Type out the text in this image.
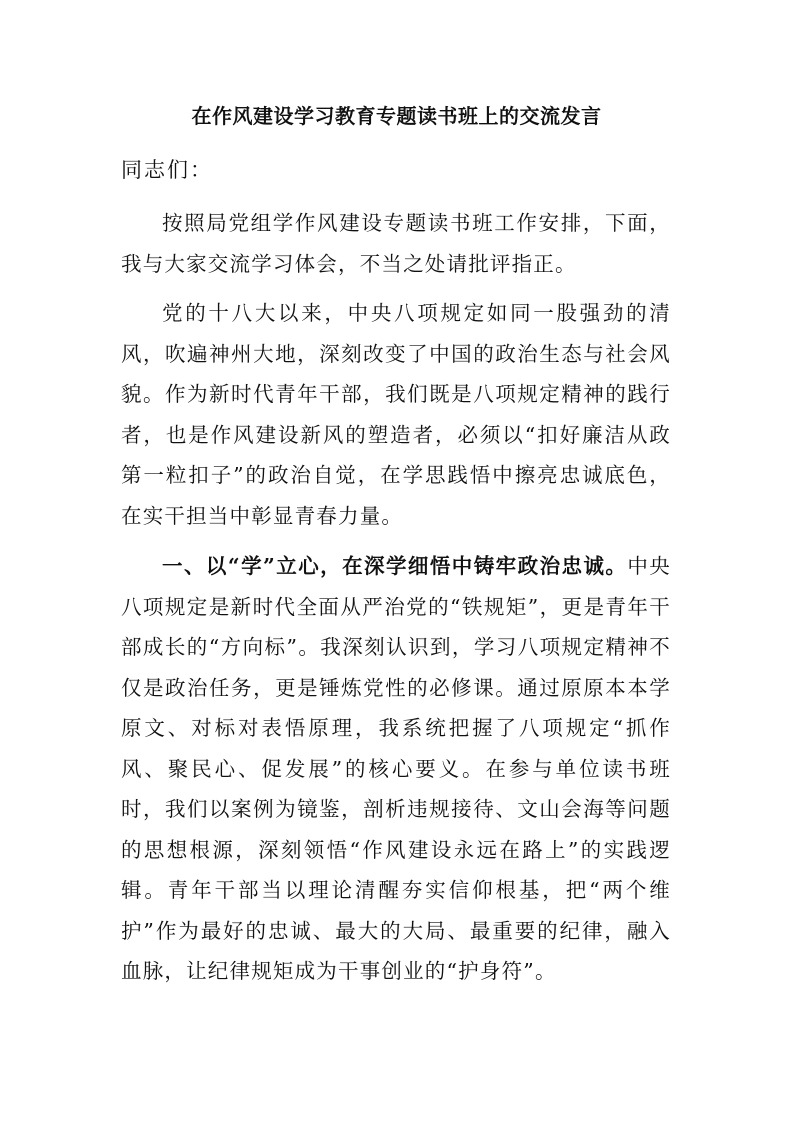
在作风建设学习教育专题读书班上的交流发言

同志们：

按照局党组学作风建设专题读书班工作安排，下面，我与大家交流学习体会，不当之处请批评指正。

党的十八大以来，中央八项规定如同一股强劲的清风，吹遍神州大地，深刻改变了中国的政治生态与社会风貌。作为新时代青年干部，我们既是八项规定精神的践行者，也是作风建设新风的塑造者，必须以“扣好廉洁从政第一粒扣子”的政治自觉，在学思践悟中擦亮忠诚底色，在实干担当中彰显青春力量。

一、以“学”立心，在深学细悟中铸牢政治忠诚。中央八项规定是新时代全面从严治党的“铁规矩”，更是青年干部成长的“方向标”。我深刻认识到，学习八项规定精神不仅是政治任务，更是锤炼党性的必修课。通过原原本本学原文、对标对表悟原理，我系统把握了八项规定“抓作风、聚民心、促发展”的核心要义。在参与单位读书班时，我们以案例为镜鉴，剖析违规接待、文山会海等问题的思想根源，深刻领悟“作风建设永远在路上”的实践逻辑。青年干部当以理论清醒夯实信仰根基，把“两个维护”作为最好的忠诚、最大的大局、最重要的纪律，融入血脉，让纪律规矩成为干事创业的“护身符”。
